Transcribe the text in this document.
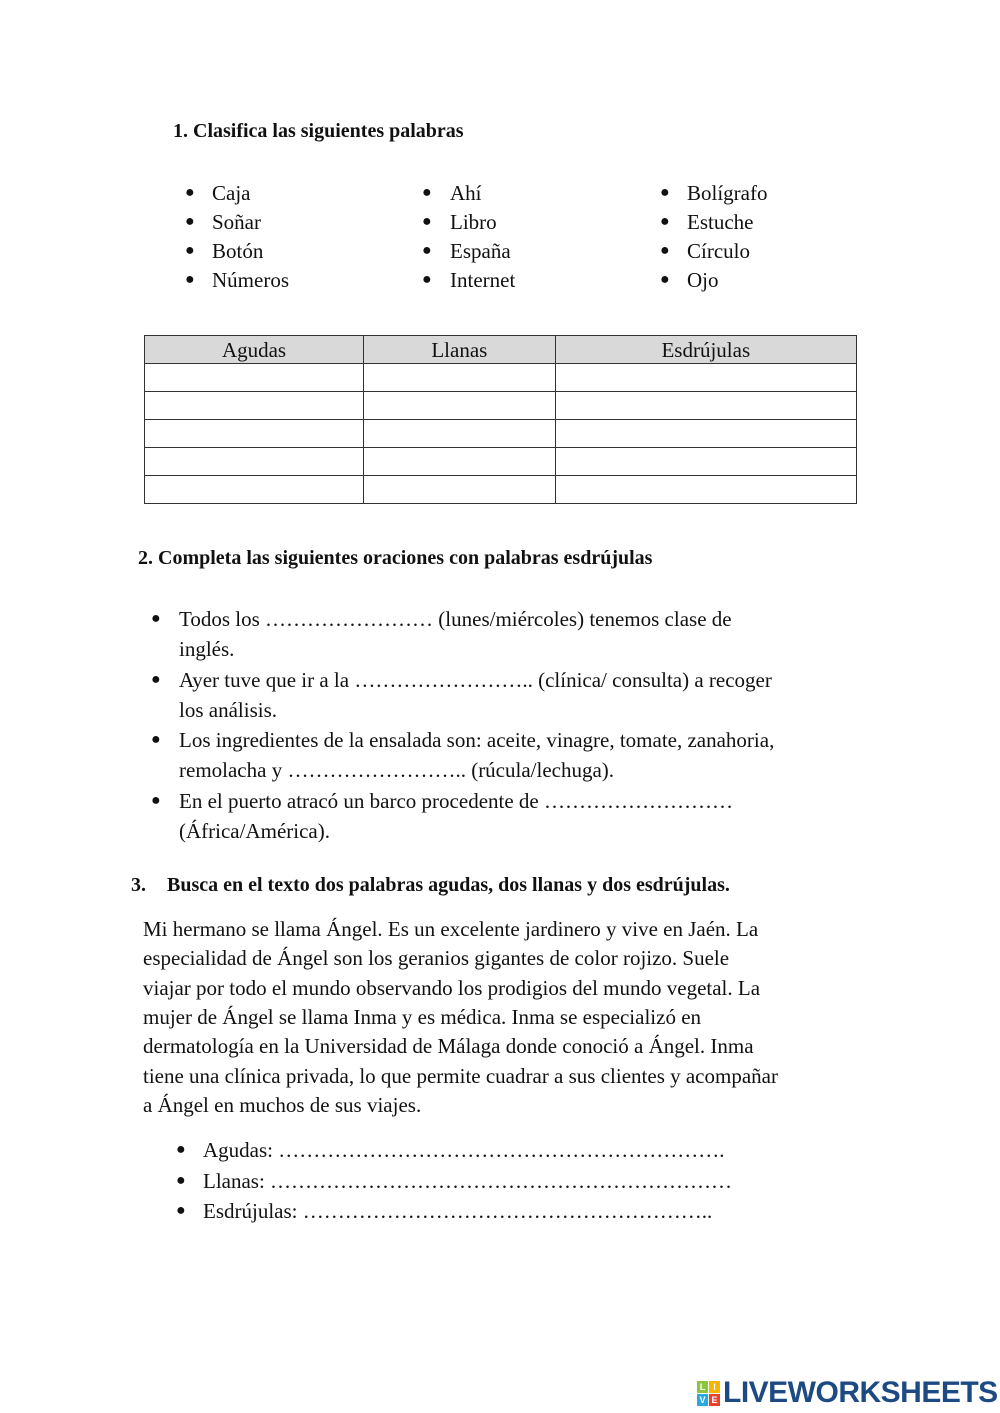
1. Clasifica las siguientes palabras
Agudas	Llanas	Esdrújulas

2. Completa las siguientes oraciones con palabras esdrújulas
3. Busca en el texto dos palabras agudas, dos llanas y dos esdrújulas.
L I
V E LIVEWORKSHEETS
● Caja
● Soñar
● Botón
● Números
● Ahí
● Libro
● España
● Internet
● Bolígrafo
● Estuche
● Círculo
● Ojo
● Todos los …………………… (lunes/miércoles) tenemos clase de
inglés.
● Ayer tuve que ir a la …………………….. (clínica/ consulta) a recoger
los análisis.
● Los ingredientes de la ensalada son: aceite, vinagre, tomate, zanahoria,
remolacha y …………………….. (rúcula/lechuga).
● En el puerto atracó un barco procedente de ………………………
(África/América).
Mi hermano se llama Ángel. Es un excelente jardinero y vive en Jaén. La
especialidad de Ángel son los geranios gigantes de color rojizo. Suele
viajar por todo el mundo observando los prodigios del mundo vegetal. La
mujer de Ángel se llama Inma y es médica. Inma se especializó en
dermatología en la Universidad de Málaga donde conoció a Ángel. Inma
tiene una clínica privada, lo que permite cuadrar a sus clientes y acompañar
a Ángel en muchos de sus viajes.
● Agudas: ……………………………………………………….
● Llanas: …………………………………………………………
● Esdrújulas: …………………………………………………..
